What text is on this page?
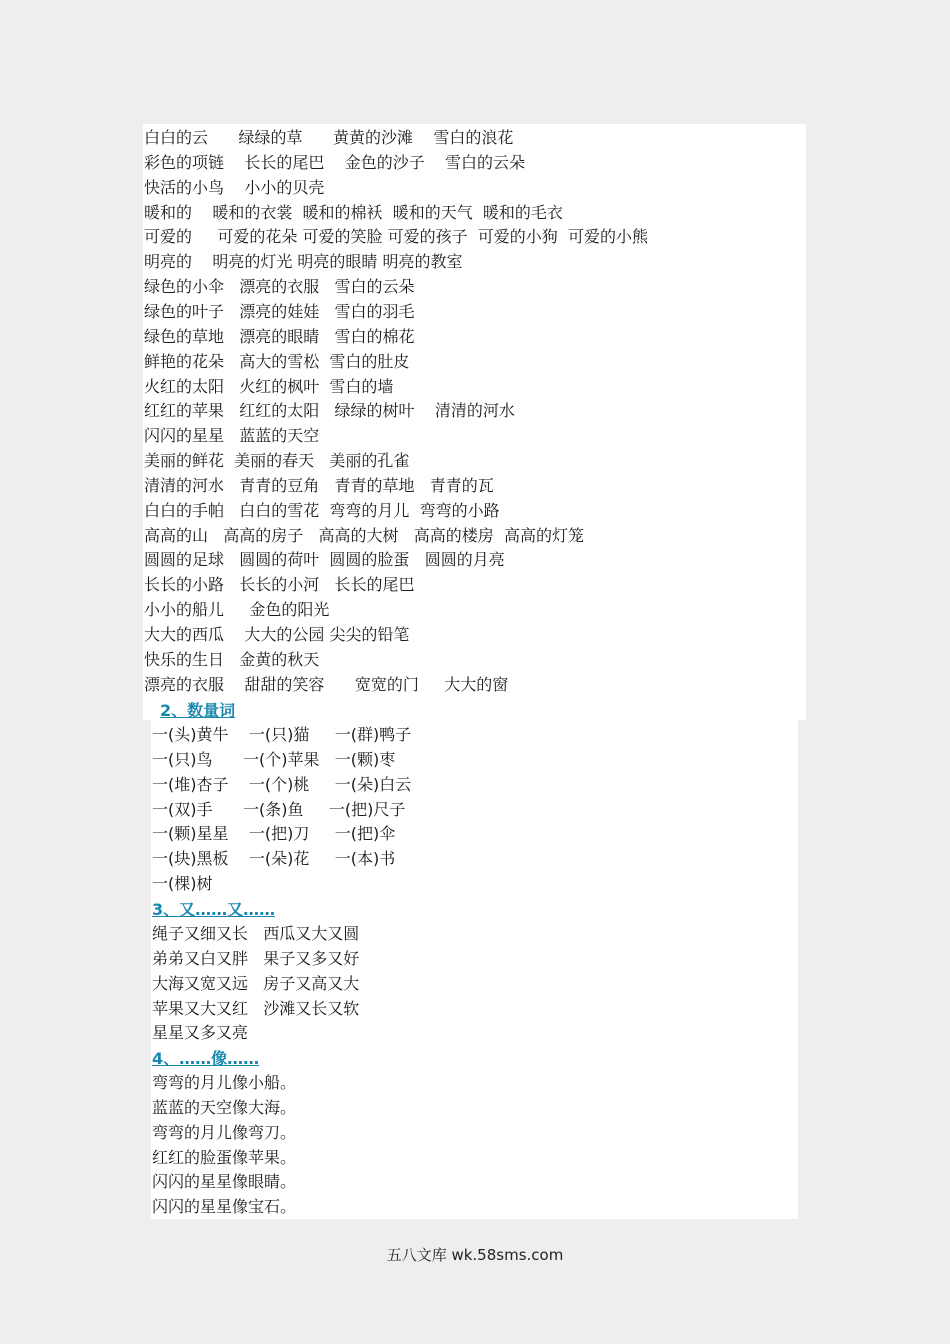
白白的云      绿绿的草      黄黄的沙滩    雪白的浪花
彩色的项链    长长的尾巴    金色的沙子    雪白的云朵
快活的小鸟    小小的贝壳
暖和的    暖和的衣裳  暖和的棉袄  暖和的天气  暖和的毛衣
可爱的     可爱的花朵 可爱的笑脸 可爱的孩子  可爱的小狗  可爱的小熊
明亮的    明亮的灯光 明亮的眼睛 明亮的教室
绿色的小伞   漂亮的衣服   雪白的云朵
绿色的叶子   漂亮的娃娃   雪白的羽毛
绿色的草地   漂亮的眼睛   雪白的棉花
鲜艳的花朵   高大的雪松  雪白的肚皮
火红的太阳   火红的枫叶  雪白的墙
红红的苹果   红红的太阳   绿绿的树叶    清清的河水
闪闪的星星   蓝蓝的天空
美丽的鲜花  美丽的春天   美丽的孔雀
清清的河水   青青的豆角   青青的草地   青青的瓦
白白的手帕   白白的雪花  弯弯的月儿  弯弯的小路
高高的山   高高的房子   高高的大树   高高的楼房  高高的灯笼
圆圆的足球   圆圆的荷叶  圆圆的脸蛋   圆圆的月亮
长长的小路   长长的小河   长长的尾巴
小小的船儿     金色的阳光
大大的西瓜    大大的公园 尖尖的铅笔
快乐的生日   金黄的秋天
漂亮的衣服    甜甜的笑容      宽宽的门     大大的窗
2、数量词
一(头)黄牛    一(只)猫     一(群)鸭子
一(只)鸟      一(个)苹果   一(颗)枣
一(堆)杏子    一(个)桃     一(朵)白云
一(双)手      一(条)鱼     一(把)尺子
一(颗)星星    一(把)刀     一(把)伞
一(块)黑板    一(朵)花     一(本)书
一(棵)树
3、又……又……
绳子又细又长   西瓜又大又圆
弟弟又白又胖   果子又多又好
大海又宽又远   房子又高又大
苹果又大又红   沙滩又长又软
星星又多又亮
4、……像……
弯弯的月儿像小船。
蓝蓝的天空像大海。
弯弯的月儿像弯刀。
红红的脸蛋像苹果。
闪闪的星星像眼睛。
闪闪的星星像宝石。
五八文库 wk.58sms.com
